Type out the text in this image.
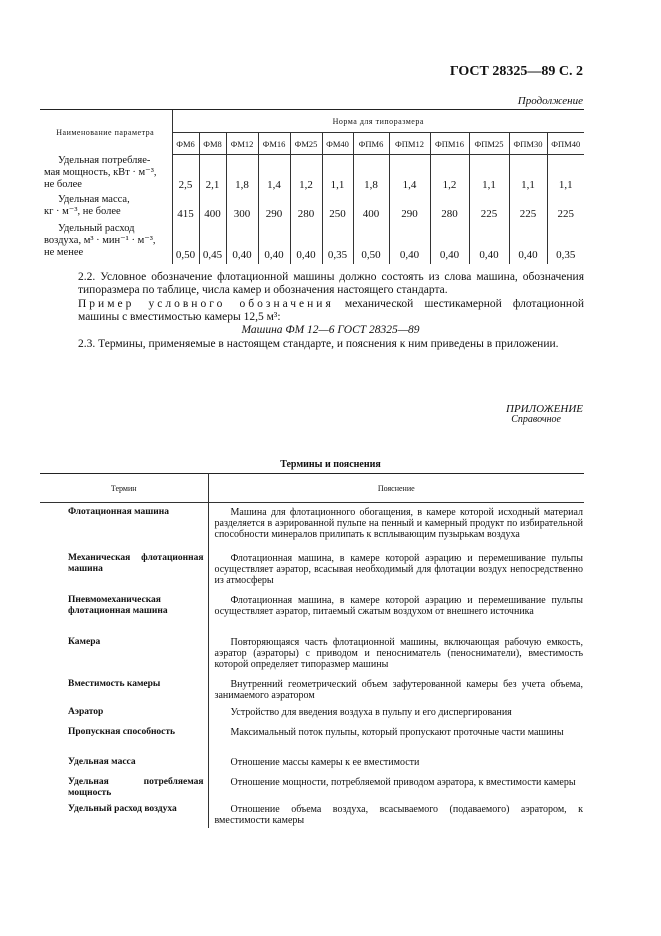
ГОСТ 28325—89 С. 2
Продолжение
Наименование параметра	Норма для типоразмера											
	ФМ6	ФМ8	ФМ12	ФМ16	ФМ25	ФМ40	ФПМ6	ФПМ12	ФПМ16	ФПМ25	ФПМ30	ФПМ40

Удельная потребляе-
мая мощность, кВт · м⁻³,
не более	2,5	2,1	1,8	1,4	1,2	1,1	1,8	1,4	1,2	1,1	1,1	1,1

Удельная масса,
кг · м⁻³, не более	415	400	300	290	280	250	400	290	280	225	225	225

Удельный расход
воздуха, м³ · мин⁻¹ · м⁻³,
не менее	0,50	0,45	0,40	0,40	0,40	0,35	0,50	0,40	0,40	0,40	0,40	0,35
2.2. Условное обозначение флотационной машины должно состоять из слова машина, обозначения типоразмера по таблице, числа камер и обозначения настоящего стандарта.
Пример условного обозначения механической шестикамерной флотационной машины с вместимостью камеры 12,5 м³:
Машина ФМ 12—6 ГОСТ 28325—89
2.3. Термины, применяемые в настоящем стандарте, и пояснения к ним приведены в приложении.
ПРИЛОЖЕНИЕ
Справочное
Термины и пояснения
Термин	Пояснение
Флотационная машина	Машина для флотационного обогащения, в камере которой исходный материал разделяется в аэрированной пульпе на пенный и камерный продукт по избирательной способности минералов прилипать к всплывающим пузырькам воздуха
Механическая флотационная машина	Флотационная машина, в камере которой аэрацию и перемешивание пульпы осуществляет аэратор, всасывая необходимый для флотации воздух непосредственно из атмосферы
Пневмомеханическая флотационная машина	Флотационная машина, в камере которой аэрацию и перемешивание пульпы осуществляет аэратор, питаемый сжатым воздухом от внешнего источника
Камера	Повторяющаяся часть флотационной машины, включающая рабочую емкость, аэратор (аэраторы) с приводом и пеносниматель (пеносниматели), вместимость которой определяет типоразмер машины
Вместимость камеры	Внутренний геометрический объем зафутерованной камеры без учета объема, занимаемого аэратором
Аэратор	Устройство для введения воздуха в пульпу и его диспергирования
Пропускная способность	Максимальный поток пульпы, который пропускают проточные части машины
Удельная масса	Отношение массы камеры к ее вместимости
Удельная потребляемая мощность	Отношение мощности, потребляемой приводом аэратора, к вместимости камеры
Удельный расход воздуха	Отношение объема воздуха, всасываемого (подаваемого) аэратором, к вместимости камеры
